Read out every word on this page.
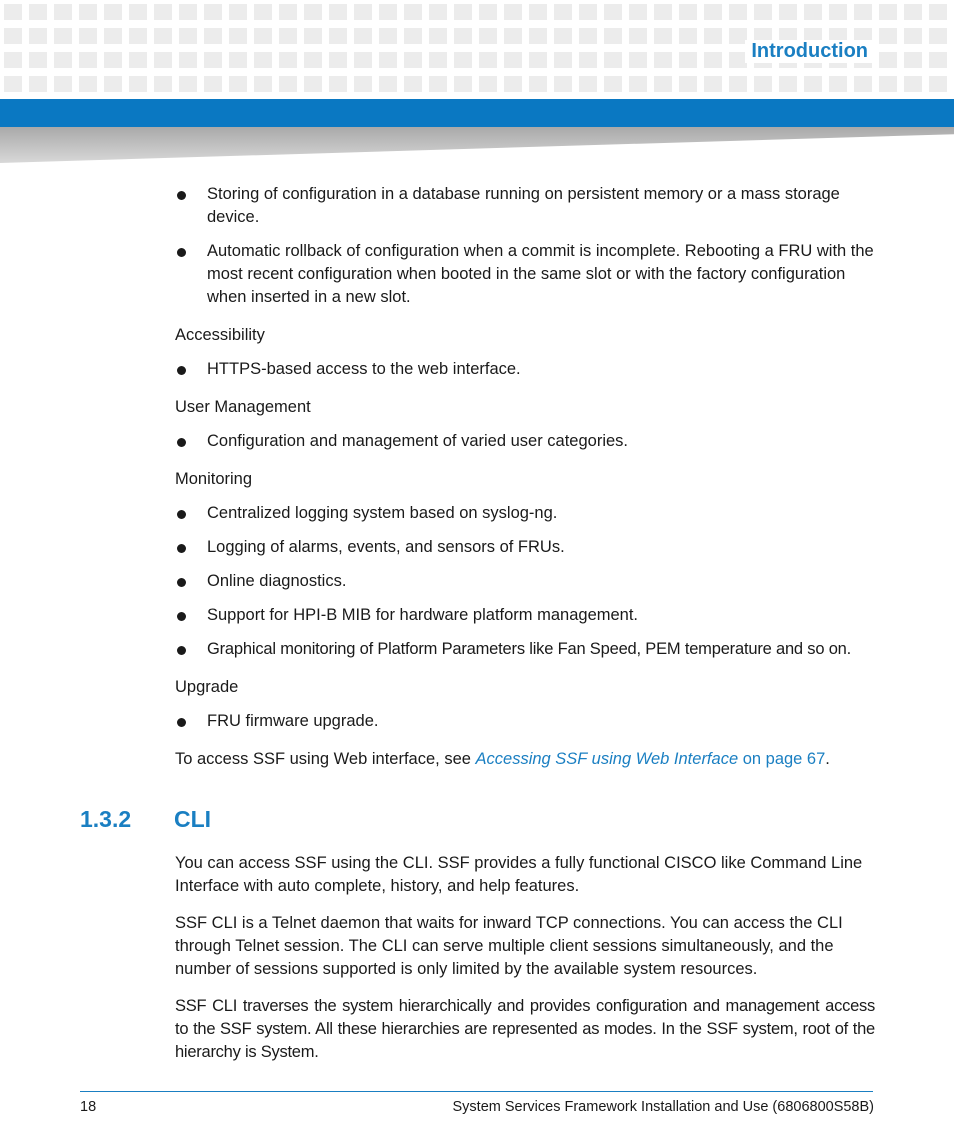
Introduction
Storing of configuration in a database running on persistent memory or a mass storage device.
Automatic rollback of configuration when a commit is incomplete. Rebooting a FRU with the most recent configuration when booted in the same slot or with the factory configuration when inserted in a new slot.
Accessibility
HTTPS-based access to the web interface.
User Management
Configuration and management of varied user categories.
Monitoring
Centralized logging system based on syslog-ng.
Logging of alarms, events, and sensors of FRUs.
Online diagnostics.
Support for HPI-B MIB for hardware platform management.
Graphical monitoring of Platform Parameters like Fan Speed, PEM temperature and so on.
Upgrade
FRU firmware upgrade.
To access SSF using Web interface, see Accessing SSF using Web Interface on page 67.
1.3.2 CLI

You can access SSF using the CLI. SSF provides a fully functional CISCO like Command Line Interface with auto complete, history, and help features.

SSF CLI is a Telnet daemon that waits for inward TCP connections. You can access the CLI through Telnet session. The CLI can serve multiple client sessions simultaneously, and the number of sessions supported is only limited by the available system resources.

SSF CLI traverses the system hierarchically and provides configuration and management access to the SSF system. All these hierarchies are represented as modes. In the SSF system, root of the hierarchy is System.

18	System Services Framework Installation and Use (6806800S58B)
